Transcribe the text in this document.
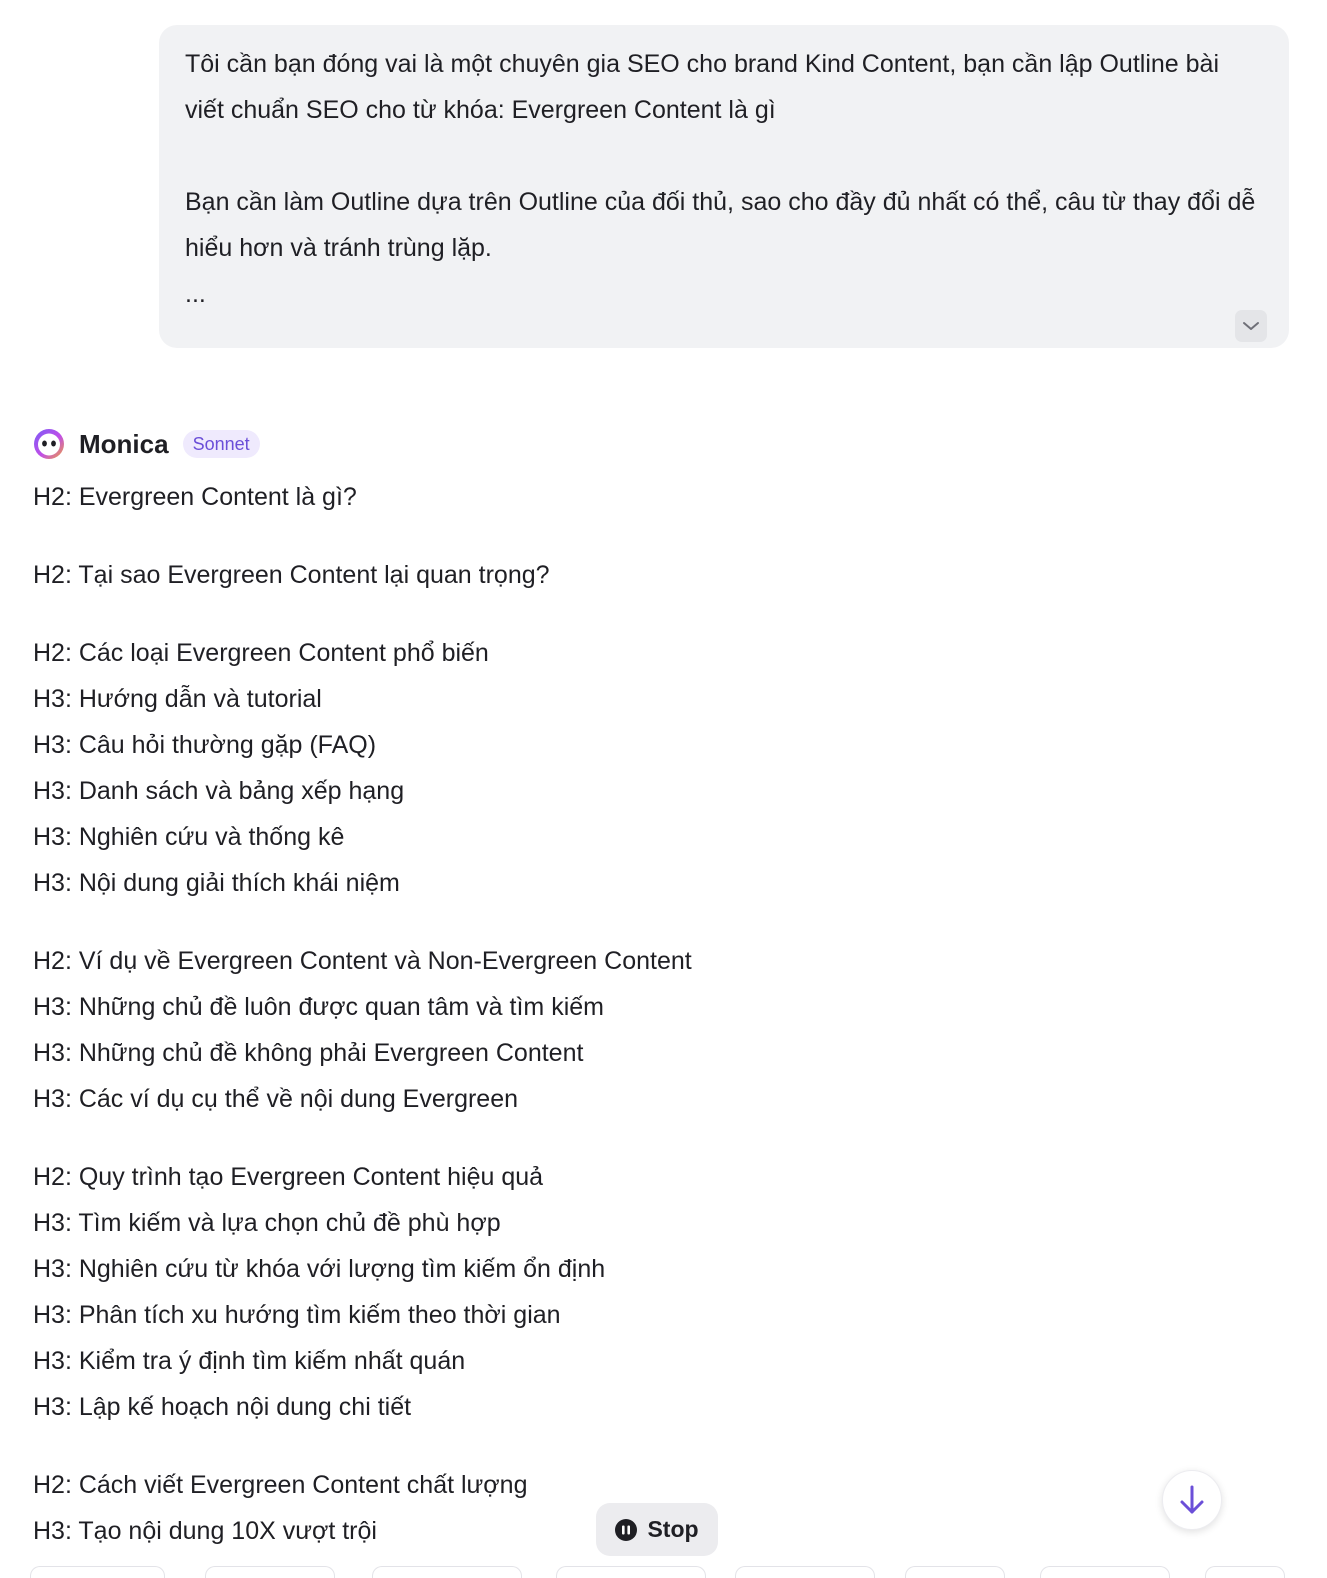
Tôi cần bạn đóng vai là một chuyên gia SEO cho brand Kind Content, bạn cần lập Outline bài viết chuẩn SEO cho từ khóa: Evergreen Content là gì

Bạn cần làm Outline dựa trên Outline của đối thủ, sao cho đầy đủ nhất có thể, câu từ thay đổi dễ hiểu hơn và tránh trùng lặp.

...
Monica	Sonnet
H2: Evergreen Content là gì?
H2: Tại sao Evergreen Content lại quan trọng?
H2: Các loại Evergreen Content phổ biến
H3: Hướng dẫn và tutorial
H3: Câu hỏi thường gặp (FAQ)
H3: Danh sách và bảng xếp hạng
H3: Nghiên cứu và thống kê
H3: Nội dung giải thích khái niệm
H2: Ví dụ về Evergreen Content và Non-Evergreen Content
H3: Những chủ đề luôn được quan tâm và tìm kiếm
H3: Những chủ đề không phải Evergreen Content
H3: Các ví dụ cụ thể về nội dung Evergreen
H2: Quy trình tạo Evergreen Content hiệu quả
H3: Tìm kiếm và lựa chọn chủ đề phù hợp
H3: Nghiên cứu từ khóa với lượng tìm kiếm ổn định
H3: Phân tích xu hướng tìm kiếm theo thời gian
H3: Kiểm tra ý định tìm kiếm nhất quán
H3: Lập kế hoạch nội dung chi tiết
H2: Cách viết Evergreen Content chất lượng
H3: Tạo nội dung 10X vượt trội	Stop
